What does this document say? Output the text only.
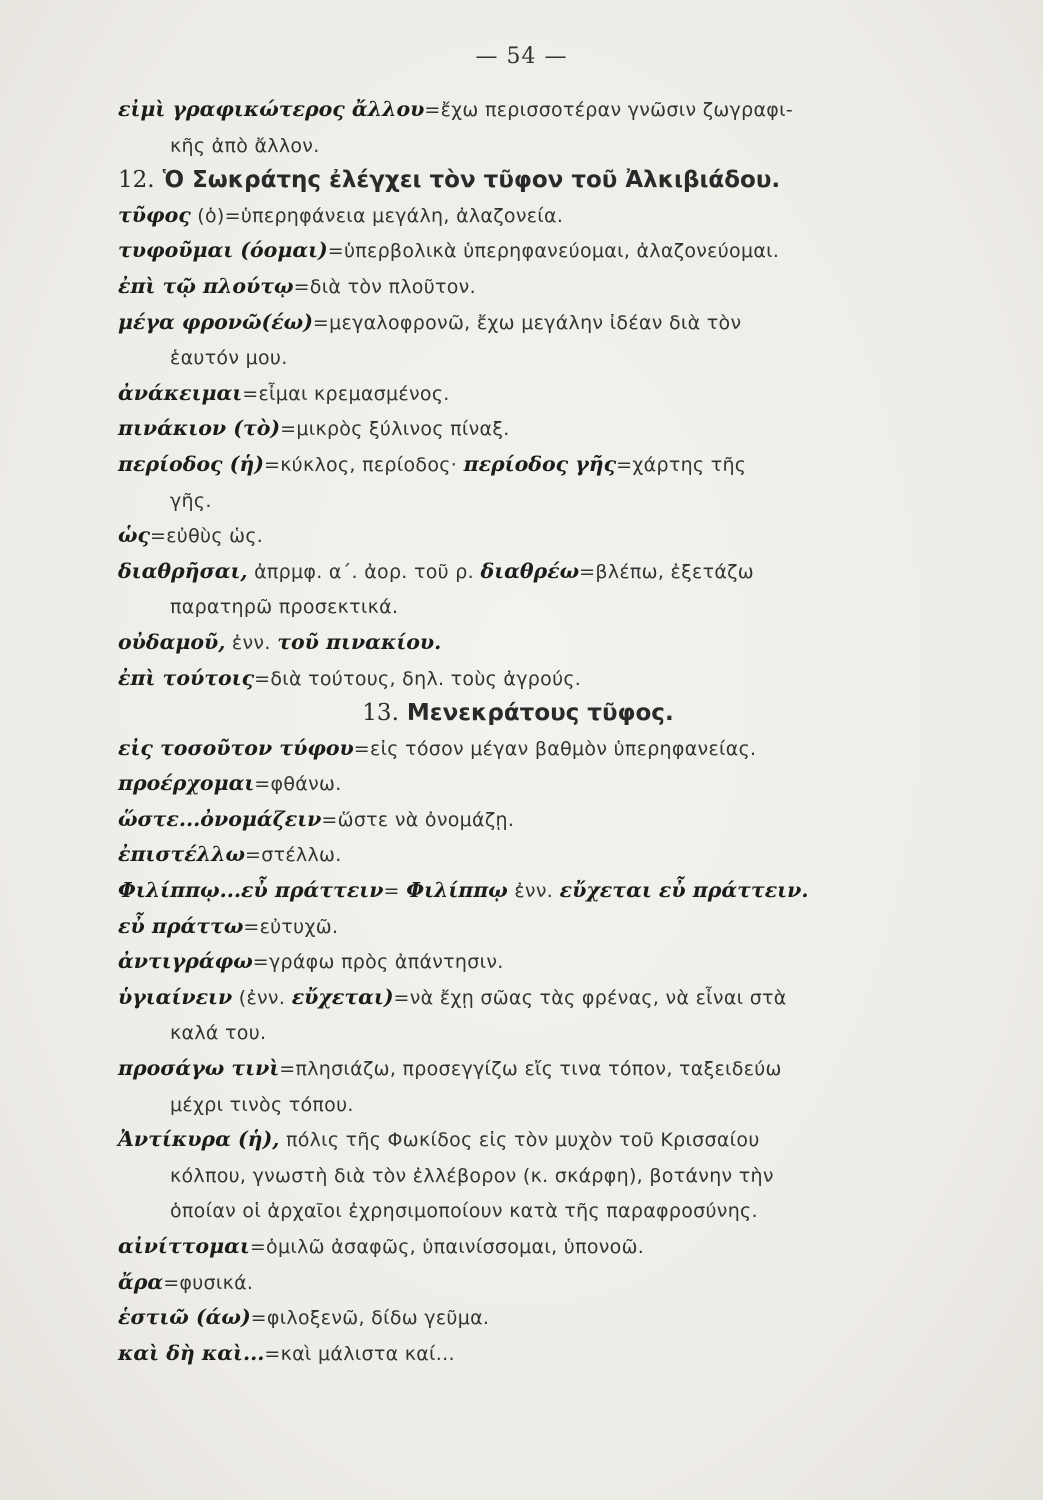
— 54 —

εἰμὶ γραφικώτερος ἄλλου=ἔχω περισσοτέραν γνῶσιν ζωγραφι-

κῆς ἀπὸ ἄλλον.

12. Ὁ Σωκράτης ἐλέγχει τὸν τῦφον τοῦ Ἀλκιβιάδου.

τῦφος (ὁ)=ὑπερηφάνεια μεγάλη, ἀλαζονεία.

τυφοῦμαι (όομαι)=ὑπερβολικὰ ὑπερηφανεύομαι, ἀλαζονεύομαι.

ἐπὶ τῷ πλούτῳ=διὰ τὸν πλοῦτον.

μέγα φρονῶ(έω)=μεγαλοφρονῶ, ἔχω μεγάλην ἰδέαν διὰ τὸν

ἑαυτόν μου.

ἀνάκειμαι=εἶμαι κρεμασμένος.

πινάκιον (τὸ)=μικρὸς ξύλινος πίναξ.

περίοδος (ἡ)=κύκλος, περίοδος· περίοδος γῆς=χάρτης τῆς

γῆς.

ὡς=εὐθὺς ὡς.

διαθρῆσαι, ἀπρμφ. α΄. ἀορ. τοῦ ρ. διαθρέω=βλέπω, ἐξετάζω

παρατηρῶ προσεκτικά.

οὐδαμοῦ, ἐνν. τοῦ πινακίου.

ἐπὶ τούτοις=διὰ τούτους, δηλ. τοὺς ἀγρούς.

13. Μενεκράτους τῦφος.

εἰς τοσοῦτον τύφου=εἰς τόσον μέγαν βαθμὸν ὑπερηφανείας.

προέρχομαι=φθάνω.

ὥστε...ὀνομάζειν=ὥστε νὰ ὀνομάζῃ.

ἐπιστέλλω=στέλλω.

Φιλίππῳ...εὖ πράττειν= Φιλίππῳ ἐνν. εὔχεται εὖ πράττειν.

εὖ πράττω=εὐτυχῶ.

ἀντιγράφω=γράφω πρὸς ἀπάντησιν.

ὑγιαίνειν (ἐνν. εὔχεται)=νὰ ἔχῃ σῶας τὰς φρένας, νὰ εἶναι στὰ

καλά του.

προσάγω τινὶ=πλησιάζω, προσεγγίζω εἴς τινα τόπον, ταξειδεύω

μέχρι τινὸς τόπου.

Ἀντίκυρα (ἡ), πόλις τῆς Φωκίδος εἰς τὸν μυχὸν τοῦ Κρισσαίου

κόλπου, γνωστὴ διὰ τὸν ἐλλέβορον (κ. σκάρφη), βοτάνην τὴν

ὁποίαν οἱ ἀρχαῖοι ἐχρησιμοποίουν κατὰ τῆς παραφροσύνης.

αἰνίττομαι=ὁμιλῶ ἀσαφῶς, ὑπαινίσσομαι, ὑπονοῶ.

ἄρα=φυσικά.

ἑστιῶ (άω)=φιλοξενῶ, δίδω γεῦμα.

καὶ δὴ καὶ...=καὶ μάλιστα καί...
